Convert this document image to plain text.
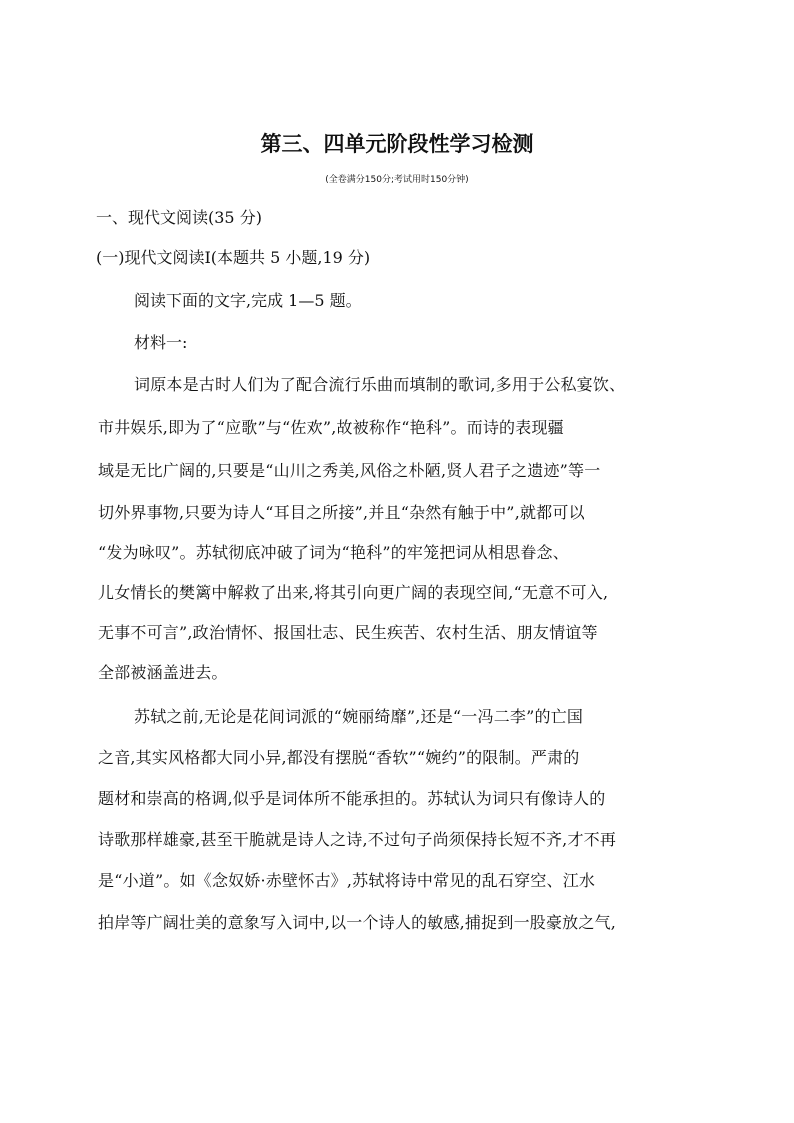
第三、四单元阶段性学习检测
(全卷满分150分;考试用时150分钟)
一、现代文阅读(35 分)
(一)现代文阅读Ⅰ(本题共 5 小题,19 分)
阅读下面的文字,完成 1—5 题。
材料一:
词原本是古时人们为了配合流行乐曲而填制的歌词,多用于公私宴饮、
市井娱乐,即为了“应歌”与“佐欢”,故被称作“艳科”。而诗的表现疆
域是无比广阔的,只要是“山川之秀美,风俗之朴陋,贤人君子之遗迹”等一
切外界事物,只要为诗人“耳目之所接”,并且“杂然有触于中”,就都可以
“发为咏叹”。苏轼彻底冲破了词为“艳科”的牢笼把词从相思眷念、
儿女情长的樊篱中解救了出来,将其引向更广阔的表现空间,“无意不可入,
无事不可言”,政治情怀、报国壮志、民生疾苦、农村生活、朋友情谊等
全部被涵盖进去。
苏轼之前,无论是花间词派的“婉丽绮靡”,还是“一冯二李”的亡国
之音,其实风格都大同小异,都没有摆脱“香软”“婉约”的限制。严肃的
题材和崇高的格调,似乎是词体所不能承担的。苏轼认为词只有像诗人的
诗歌那样雄豪,甚至干脆就是诗人之诗,不过句子尚须保持长短不齐,才不再
是“小道”。如《念奴娇·赤壁怀古》,苏轼将诗中常见的乱石穿空、江水
拍岸等广阔壮美的意象写入词中,以一个诗人的敏感,捕捉到一股豪放之气,
